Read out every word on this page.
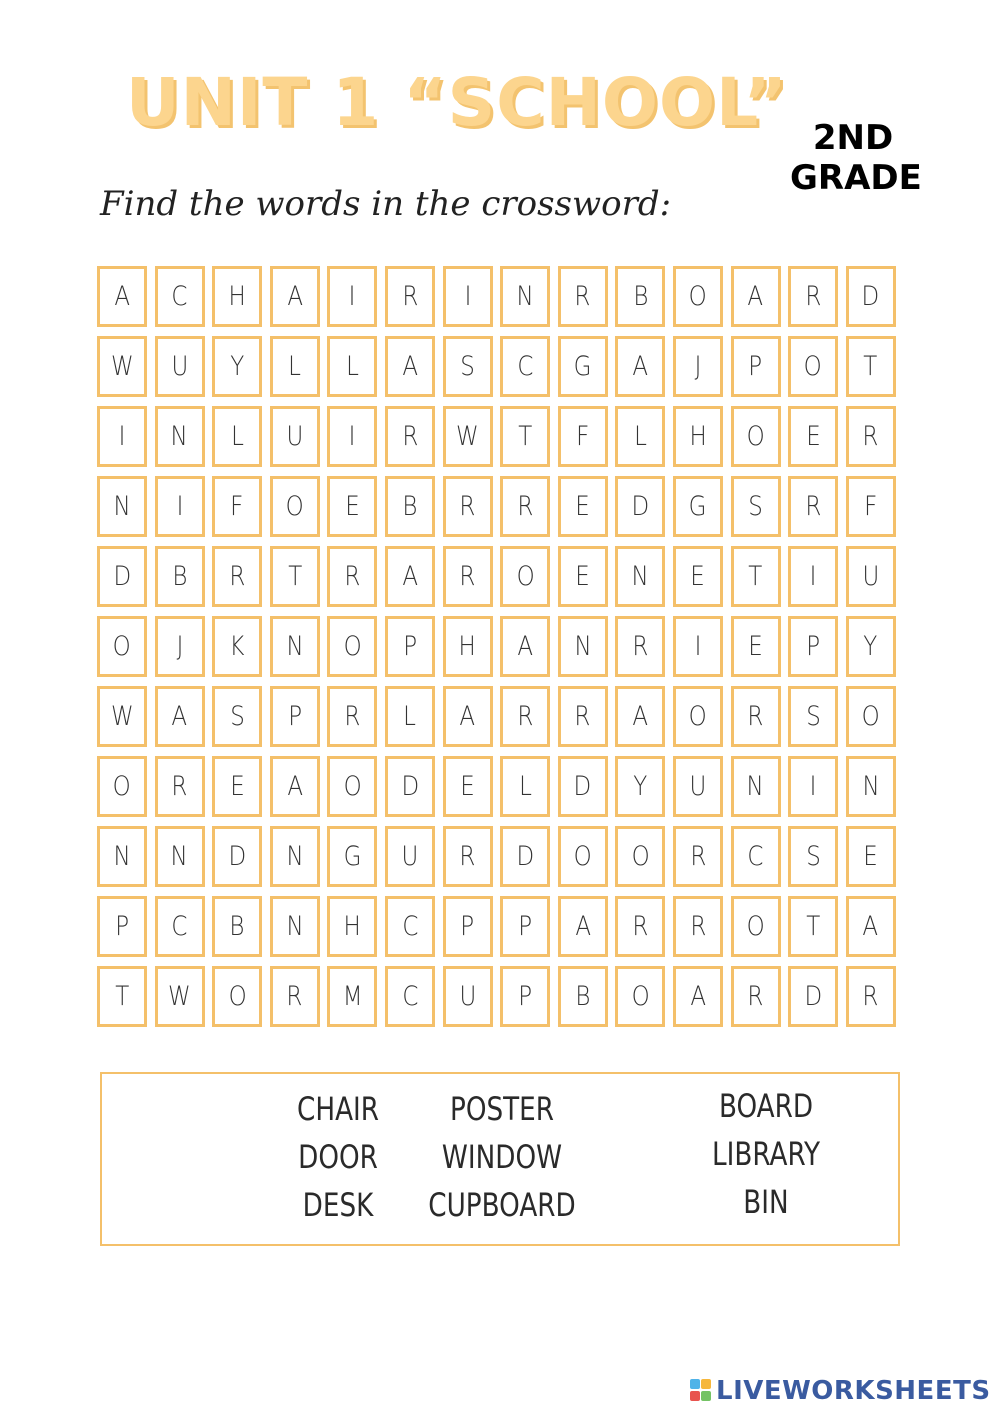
UNIT 1 “SCHOOL” 2ND
GRADE
Find the words in the crossword:
A C H A I R I N R B O A R D
W U Y L L A S C G A J P O T
I N L U I R W T F L H O E R
N I F O E B R R E D G S R F
D B R T R A R O E N E T I U
O J K N O P H A N R I E P Y
W A S P R L A R R A O R S O
O R E A O D E L D Y U N I N
N N D N G U R D O O R C S E
P C B N H C P P A R R O T A
T W O R M C U P B O A R D R
CHAIR
DOOR
DESK
POSTER
WINDOW
CUPBOARD
BOARD
LIBRARY
BIN
LIVEWORKSHEETS
